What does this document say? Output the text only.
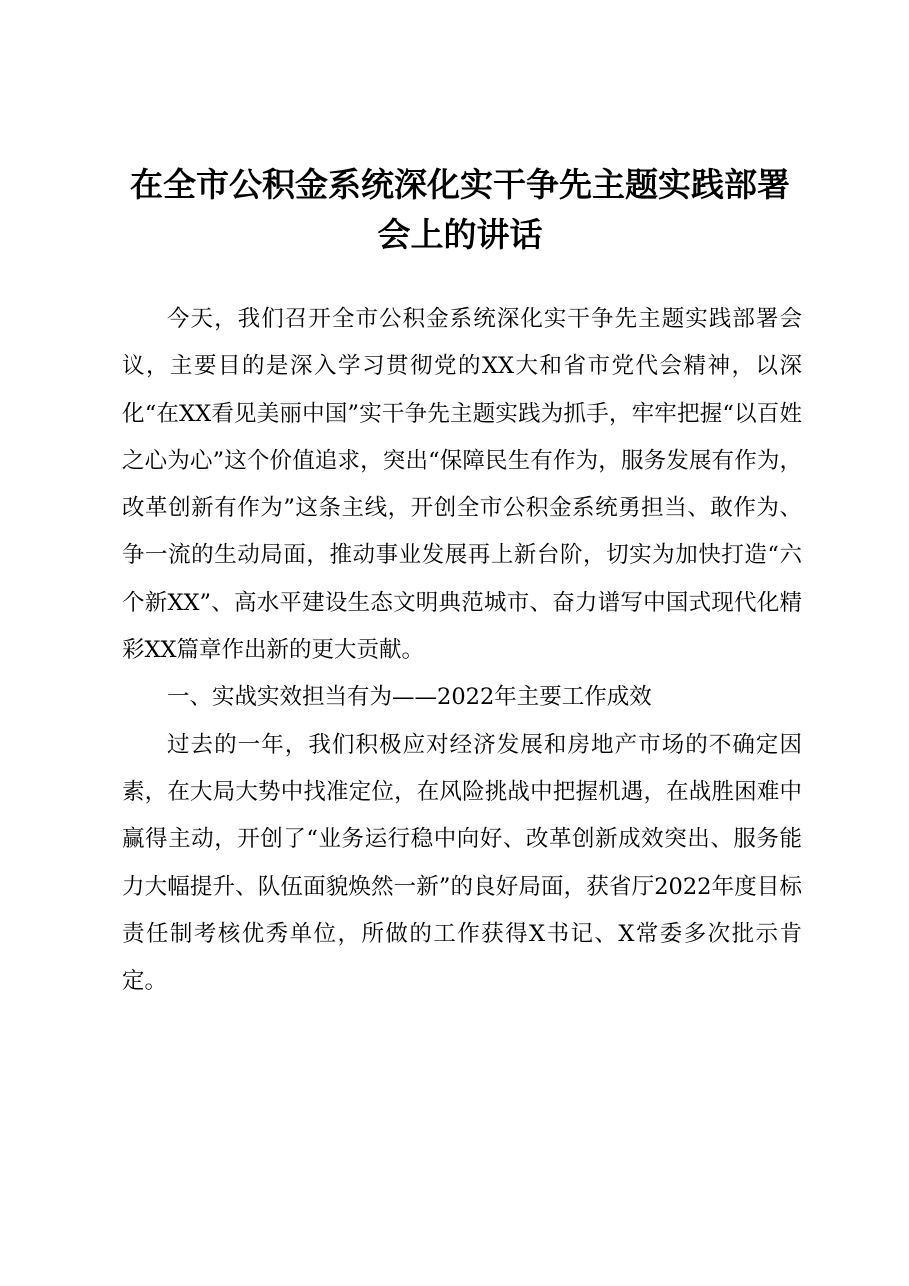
在全市公积金系统深化实干争先主题实践部署
会上的讲话

今天，我们召开全市公积金系统深化实干争先主题实践部署会议，主要目的是深入学习贯彻党的XX大和省市党代会精神，以深化“在XX看见美丽中国”实干争先主题实践为抓手，牢牢把握“以百姓之心为心”这个价值追求，突出“保障民生有作为，服务发展有作为，改革创新有作为”这条主线，开创全市公积金系统勇担当、敢作为、争一流的生动局面，推动事业发展再上新台阶，切实为加快打造“六个新XX”、高水平建设生态文明典范城市、奋力谱写中国式现代化精彩XX篇章作出新的更大贡献。

一、实战实效担当有为——2022年主要工作成效

过去的一年，我们积极应对经济发展和房地产市场的不确定因素，在大局大势中找准定位，在风险挑战中把握机遇，在战胜困难中赢得主动，开创了“业务运行稳中向好、改革创新成效突出、服务能力大幅提升、队伍面貌焕然一新”的良好局面，获省厅2022年度目标责任制考核优秀单位，所做的工作获得X书记、X常委多次批示肯定。
